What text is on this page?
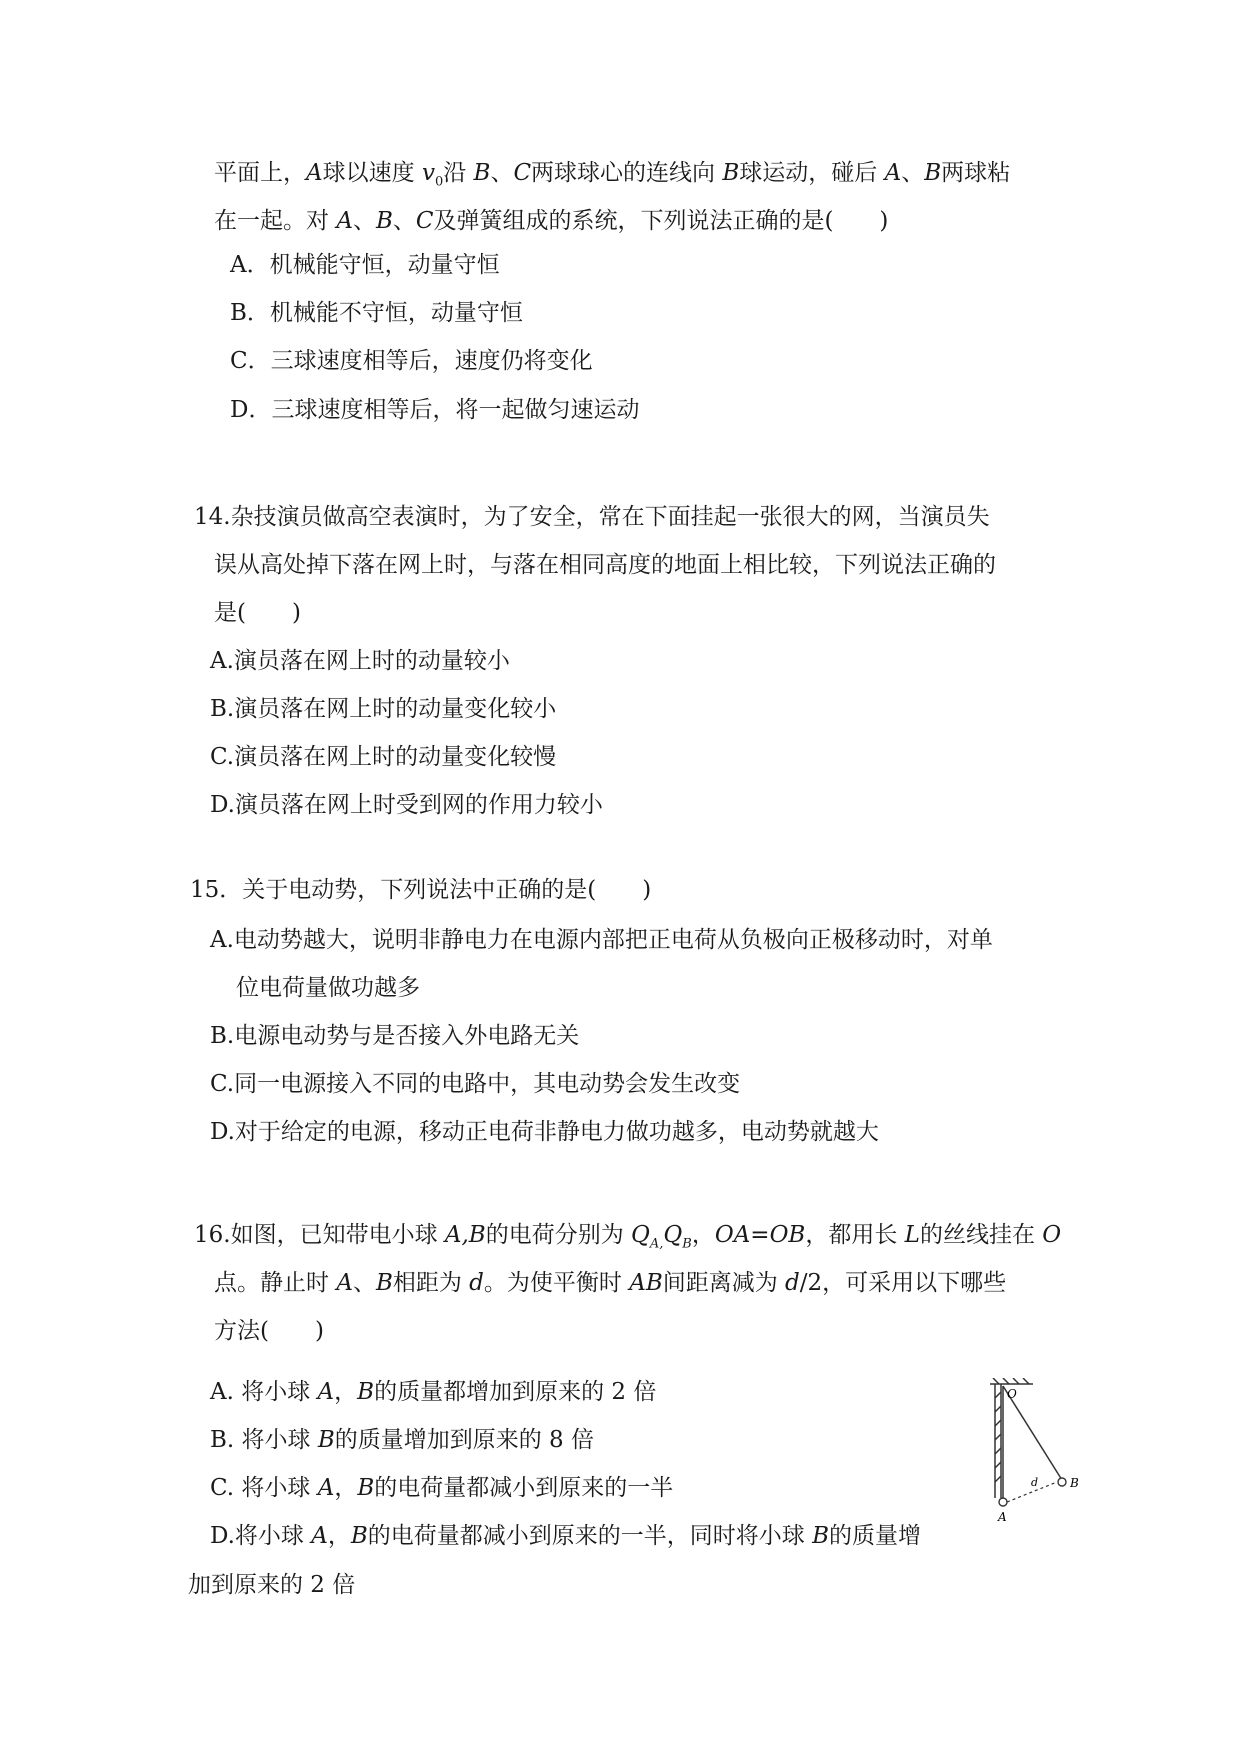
平面上，A球以速度 $v_0$沿 B、C两球球心的连线向 B球运动，碰后 A、B两球粘
在一起。对 A、B、C及弹簧组成的系统，下列说法正确的是(　　)
A．机械能守恒，动量守恒
B．机械能不守恒，动量守恒
C．三球速度相等后，速度仍将变化
D．三球速度相等后，将一起做匀速运动
14.杂技演员做高空表演时，为了安全，常在下面挂起一张很大的网，当演员失
误从高处掉下落在网上时，与落在相同高度的地面上相比较，下列说法正确的
是(　　)
A.演员落在网上时的动量较小
B.演员落在网上时的动量变化较小
C.演员落在网上时的动量变化较慢
D.演员落在网上时受到网的作用力较小
15．关于电动势，下列说法中正确的是(　　)
A.电动势越大，说明非静电力在电源内部把正电荷从负极向正极移动时，对单
位电荷量做功越多
B.电源电动势与是否接入外电路无关
C.同一电源接入不同的电路中，其电动势会发生改变
D.对于给定的电源，移动正电荷非静电力做功越多，电动势就越大
16.如图，已知带电小球 A,B的电荷分别为 $Q_{A,}Q_B$，OA=OB，都用长 L的丝线挂在 O
点。静止时 A、B相距为 d。为使平衡时 AB间距离减为 d/2，可采用以下哪些
方法(　　)
A. 将小球 A，B的质量都增加到原来的 2 倍
B. 将小球 B的质量增加到原来的 8 倍
C. 将小球 A，B的电荷量都减小到原来的一半
D.将小球 A，B的电荷量都减小到原来的一半，同时将小球 B的质量增
加到原来的 2 倍
O
A
B
d
